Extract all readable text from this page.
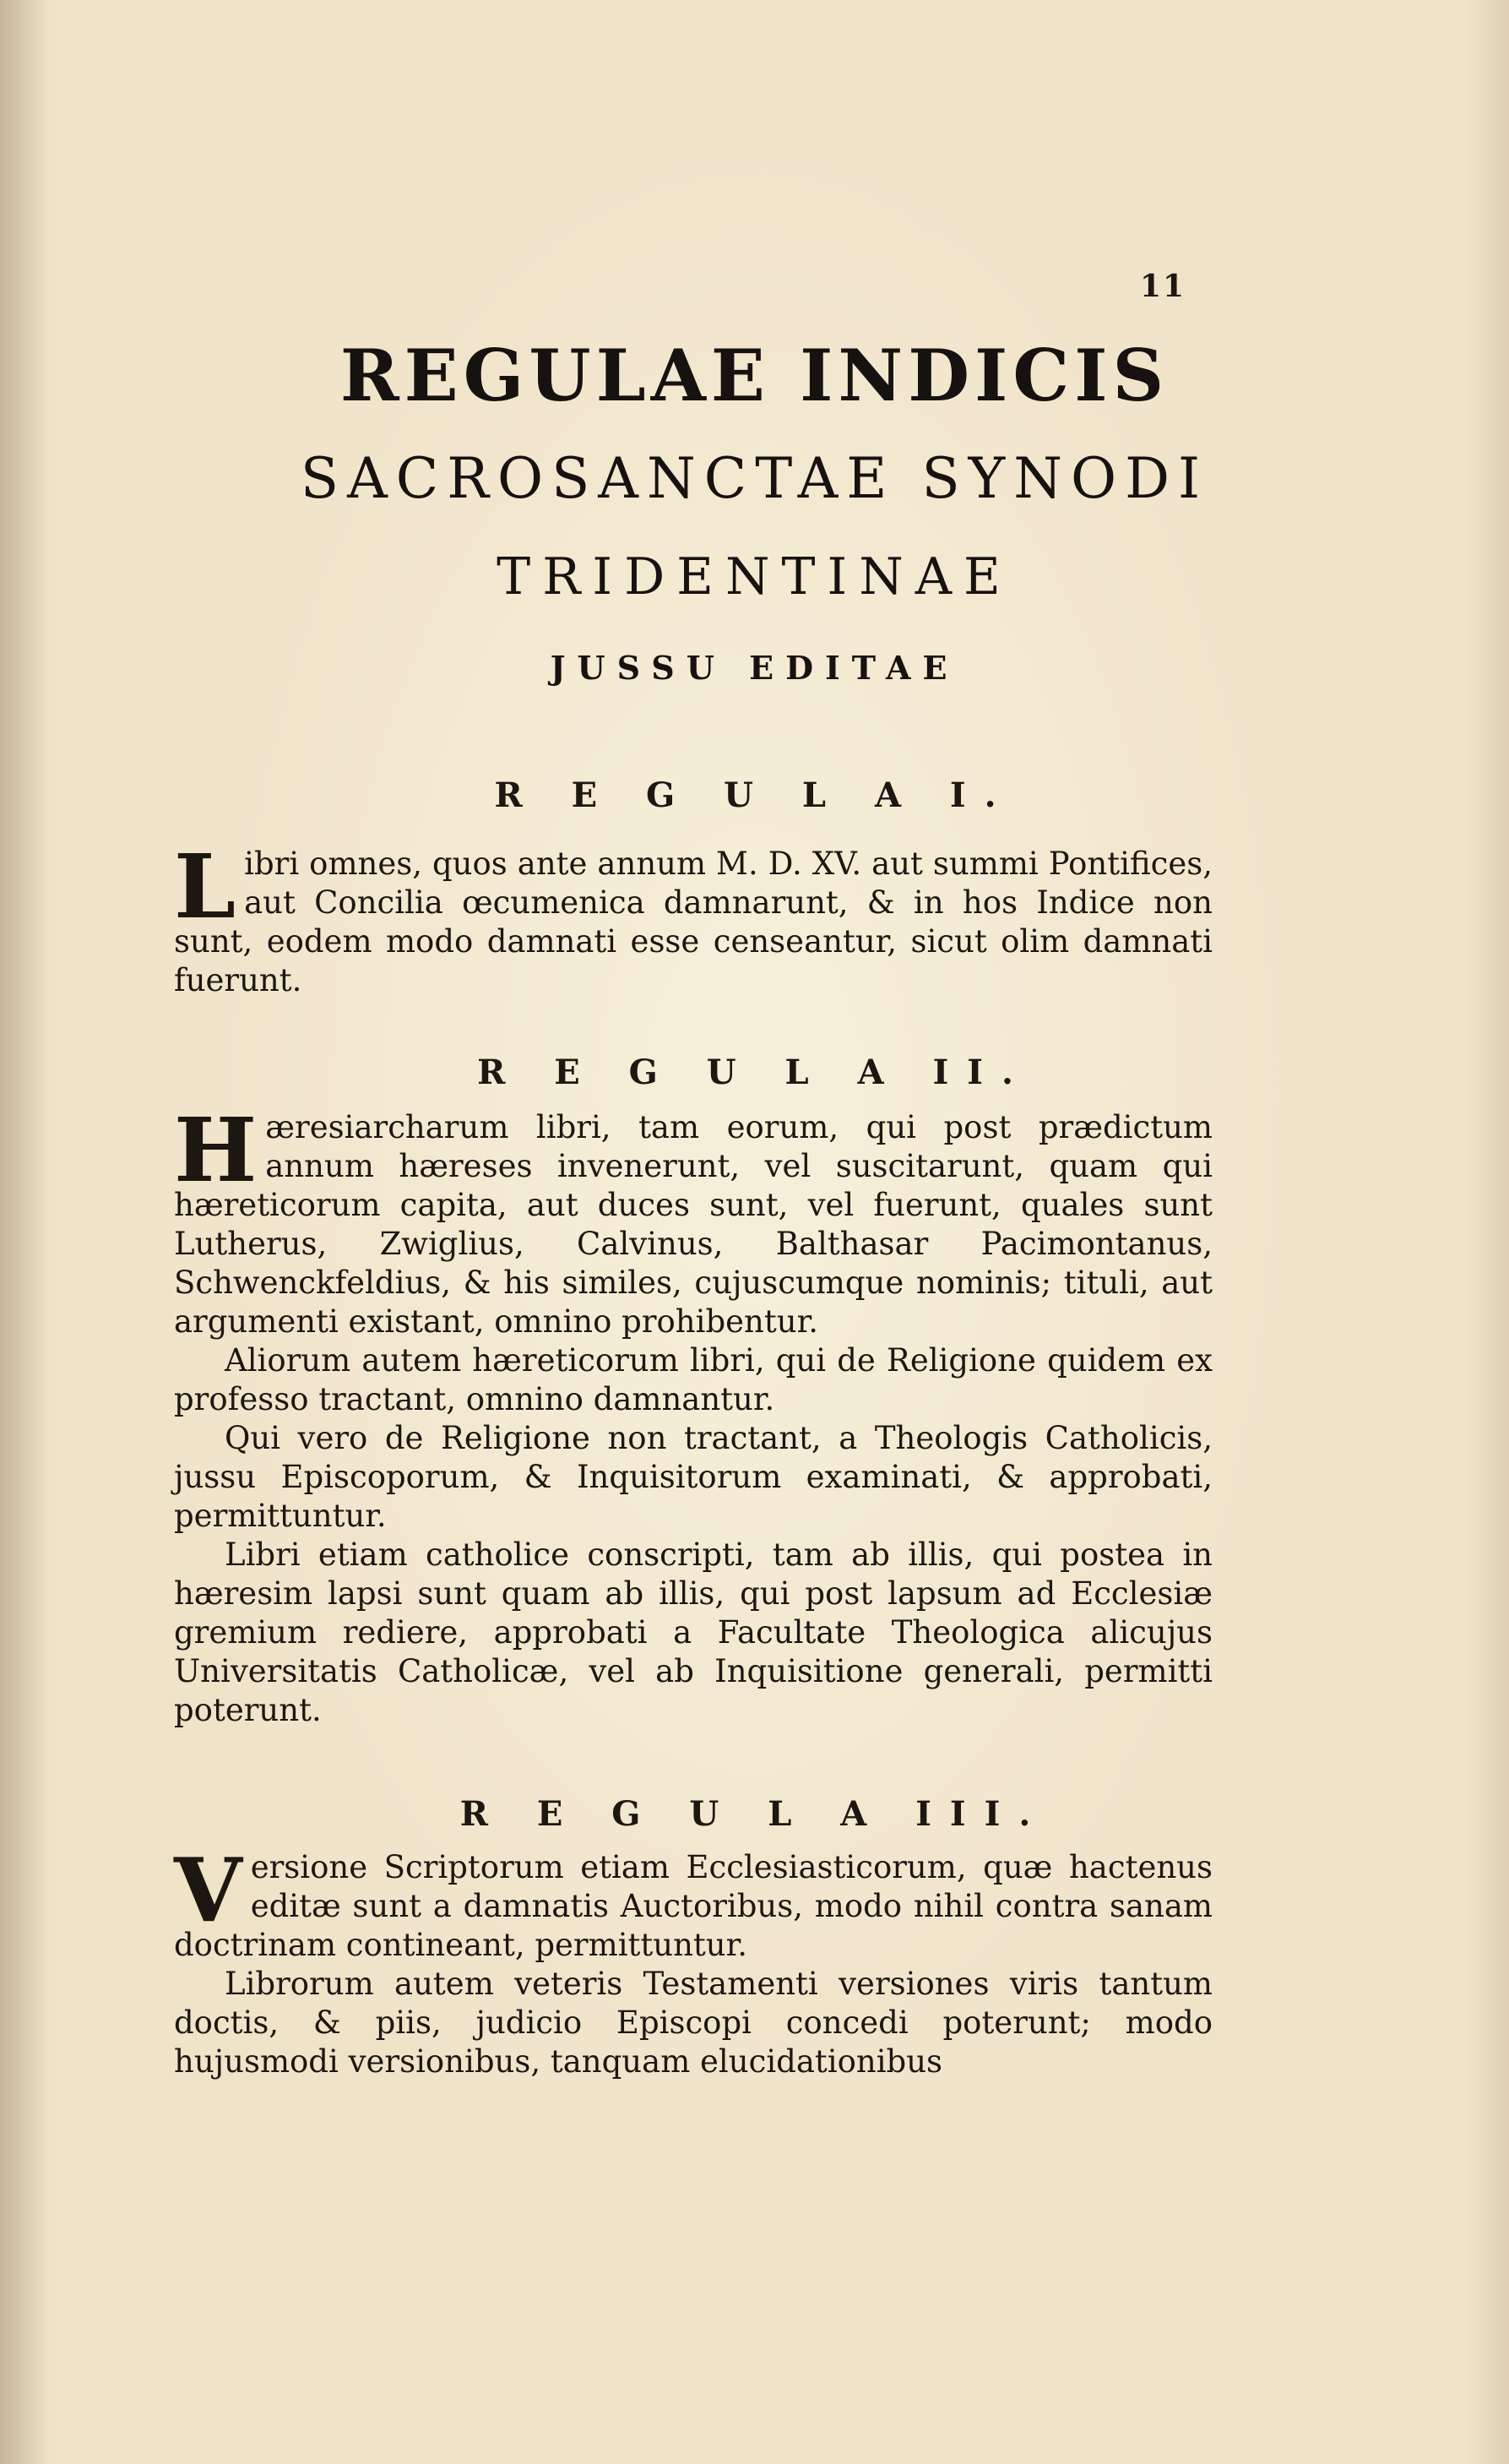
11
REGULAE INDICIS
SACROSANCTAE SYNODI
TRIDENTINAE
JUSSU EDITAE
R E G U L A I.

Libri omnes, quos ante annum M. D. XV. aut summi Pontifices, aut Concilia œcumenica damnarunt, & in hos Indice non sunt, eodem modo damnati esse censeantur, sicut olim damnati fuerunt.

R E G U L A II.

Hæresiarcharum libri, tam eorum, qui post prædictum annum hæreses invenerunt, vel suscitarunt, quam qui hæreticorum capita, aut duces sunt, vel fuerunt, quales sunt Lutherus, Zwiglius, Calvinus, Balthasar Pacimontanus, Schwenckfeldius, & his similes, cujuscumque nominis; tituli, aut argumenti existant, omnino prohibentur.

Aliorum autem hæreticorum libri, qui de Religione quidem ex professo tractant, omnino damnantur.

Qui vero de Religione non tractant, a Theologis Catholicis, jussu Episcoporum, & Inquisitorum examinati, & approbati, permittuntur.

Libri etiam catholice conscripti, tam ab illis, qui postea in hæresim lapsi sunt quam ab illis, qui post lapsum ad Ecclesiæ gremium rediere, approbati a Facultate Theologica alicujus Universitatis Catholicæ, vel ab Inquisitione generali, permitti poterunt.

R E G U L A III.

Versione Scriptorum etiam Ecclesiasticorum, quæ hactenus editæ sunt a damnatis Auctoribus, modo nihil contra sanam doctrinam contineant, permittuntur.

Librorum autem veteris Testamenti versiones viris tantum doctis, & piis, judicio Episcopi concedi poterunt; modo hujusmodi versionibus, tanquam elucidationibus
